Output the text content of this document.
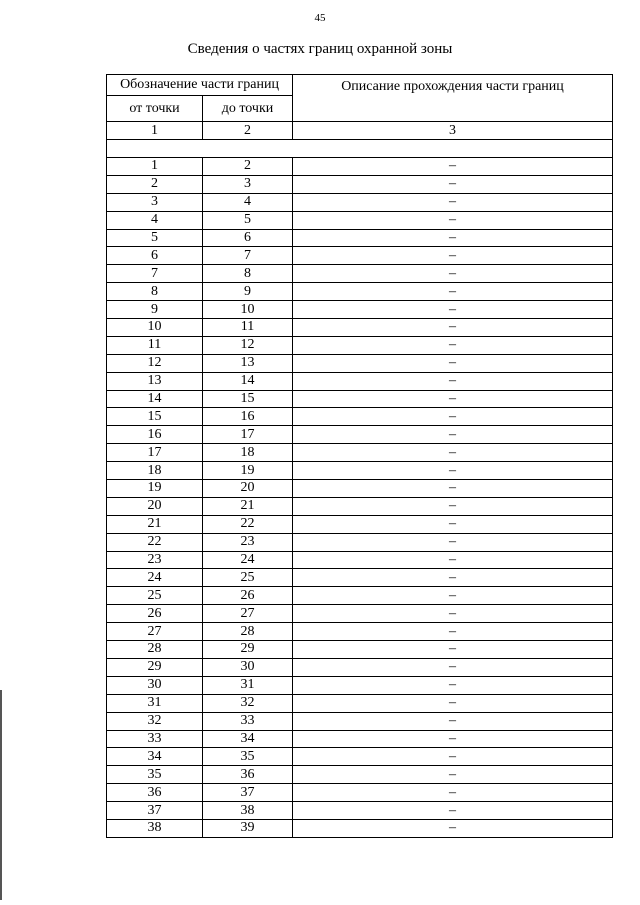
45
Сведения о частях границ охранной зоны
Обозначение части границ		Описание прохождения части границ
от точки	до точки	
1	2	3

1	2	–
2	3	–
3	4	–
4	5	–
5	6	–
6	7	–
7	8	–
8	9	–
9	10	–
10	11	–
11	12	–
12	13	–
13	14	–
14	15	–
15	16	–
16	17	–
17	18	–
18	19	–
19	20	–
20	21	–
21	22	–
22	23	–
23	24	–
24	25	–
25	26	–
26	27	–
27	28	–
28	29	–
29	30	–
30	31	–
31	32	–
32	33	–
33	34	–
34	35	–
35	36	–
36	37	–
37	38	–
38	39	–
